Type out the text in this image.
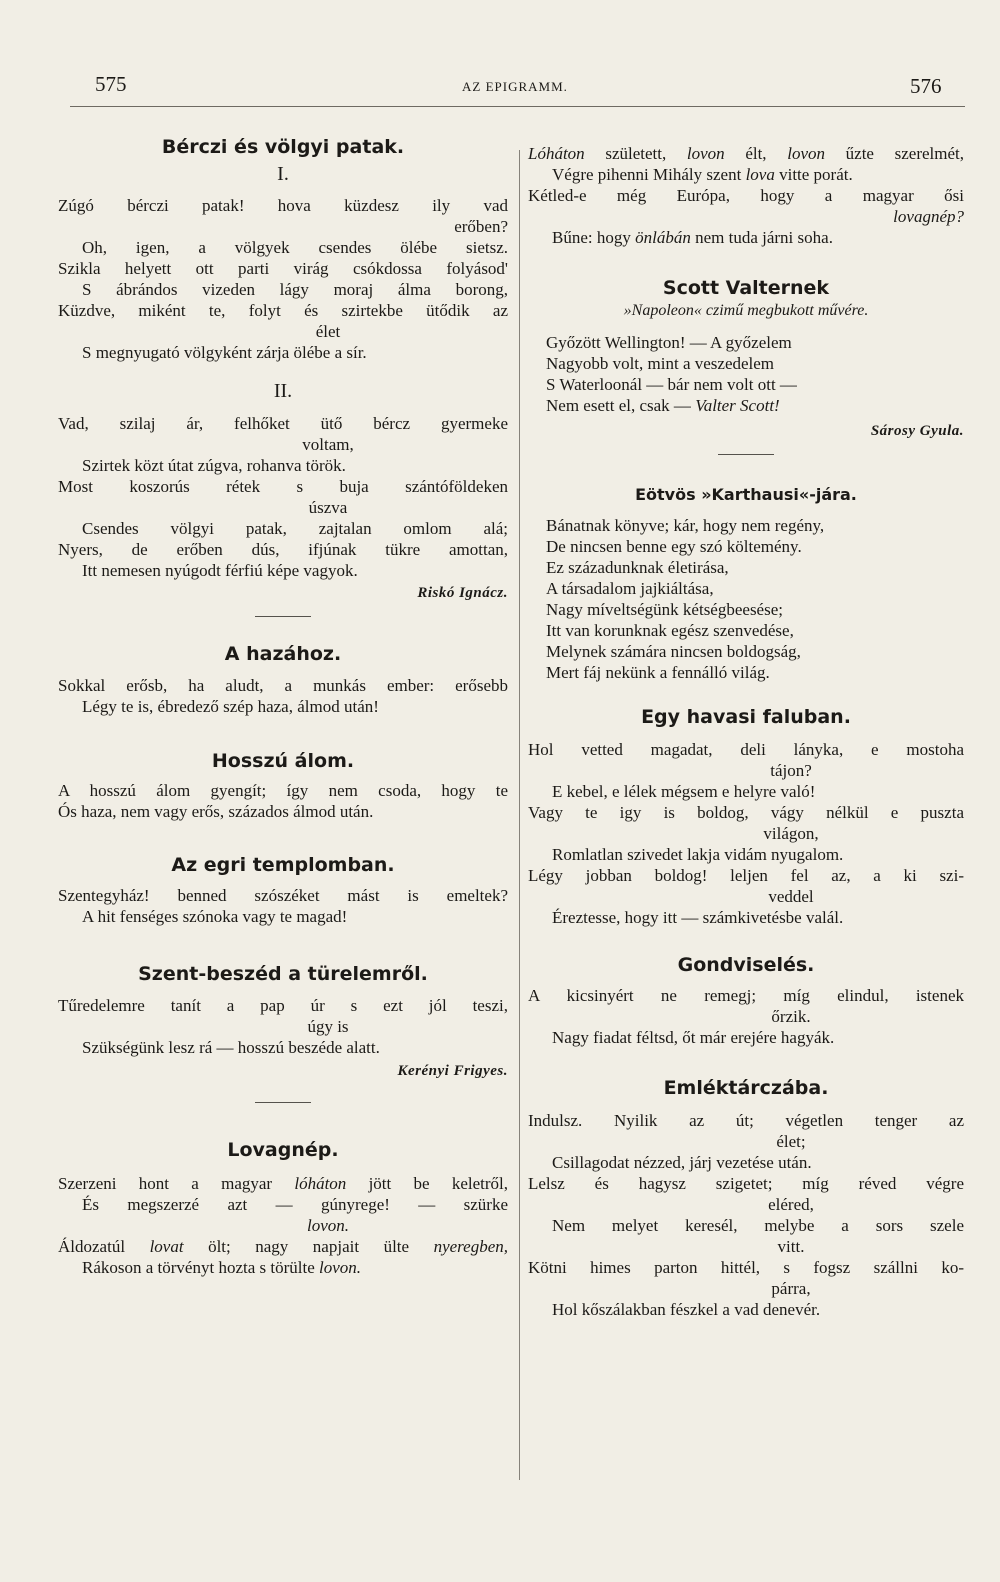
575	AZ EPIGRAMM.	576
Bérczi és völgyi patak.
I.
Zúgó bérczi patak! hova küzdesz ily vad
erőben?
Oh, igen, a völgyek csendes ölébe sietsz.
Szikla helyett ott parti virág csókdossa folyásod'
S ábrándos vizeden lágy moraj álma borong,
Küzdve, miként te, folyt és szirtekbe ütődik az
élet
S megnyugató völgyként zárja ölébe a sír.
II.
Vad, szilaj ár, felhőket ütő bércz gyermeke
voltam,
Szirtek közt útat zúgva, rohanva török.
Most koszorús rétek s buja szántóföldeken
úszva
Csendes völgyi patak, zajtalan omlom alá;
Nyers, de erőben dús, ifjúnak tükre amottan,
Itt nemesen nyúgodt férfiú képe vagyok.
Riskó Ignácz.
A hazához.
Sokkal erősb, ha aludt, a munkás ember: erősebb
Légy te is, ébredező szép haza, álmod után!
Hosszú álom.
A hosszú álom gyengít; így nem csoda, hogy te
Ós haza, nem vagy erős, százados álmod után.
Az egri templomban.
Szentegyház! benned szószéket mást is emeltek?
A hit fenséges szónoka vagy te magad!
Szent-beszéd a türelemről.
Tűredelemre tanít a pap úr s ezt jól teszi,
úgy is
Szükségünk lesz rá — hosszú beszéde alatt.
Kerényi Frigyes.
Lovagnép.
Szerzeni hont a magyar lóháton jött be keletről,
És megszerzé azt — gúnyrege! — szürke
lovon.
Áldozatúl lovat ölt; nagy napjait ülte nyeregben,
Rákoson a törvényt hozta s törülte lovon.
Lóháton született, lovon élt, lovon űzte szerelmét,
Végre pihenni Mihály szent lova vitte porát.
Kétled-e még Európa, hogy a magyar ősi
lovagnép?
Bűne: hogy önlábán nem tuda járni soha.
Scott Valternek
»Napoleon« czimű megbukott művére.
Győzött Wellington! — A győzelem
Nagyobb volt, mint a veszedelem
S Waterloonál — bár nem volt ott —
Nem esett el, csak — Valter Scott!
Sárosy Gyula.
Eötvös »Karthausi«-jára.
Bánatnak könyve; kár, hogy nem regény,
De nincsen benne egy szó költemény.
Ez századunknak életirása,
A társadalom jajkiáltása,
Nagy míveltségünk kétségbeesése;
Itt van korunknak egész szenvedése,
Melynek számára nincsen boldogság,
Mert fáj nekünk a fennálló világ.
Egy havasi faluban.
Hol vetted magadat, deli lányka, e mostoha
tájon?
E kebel, e lélek mégsem e helyre való!
Vagy te igy is boldog, vágy nélkül e puszta
világon,
Romlatlan szivedet lakja vidám nyugalom.
Légy jobban boldog! leljen fel az, a ki szi-
veddel
Éreztesse, hogy itt — számkivetésbe valál.
Gondviselés.
A kicsinyért ne remegj; míg elindul, istenek
őrzik.
Nagy fiadat féltsd, őt már erejére hagyák.
Emléktárczába.
Indulsz. Nyilik az út; végetlen tenger az
élet;
Csillagodat nézzed, járj vezetése után.
Lelsz és hagysz szigetet; míg réved végre
eléred,
Nem melyet keresél, melybe a sors szele
vitt.
Kötni himes parton hittél, s fogsz szállni ko-
párra,
Hol kőszálakban fészkel a vad denevér.
